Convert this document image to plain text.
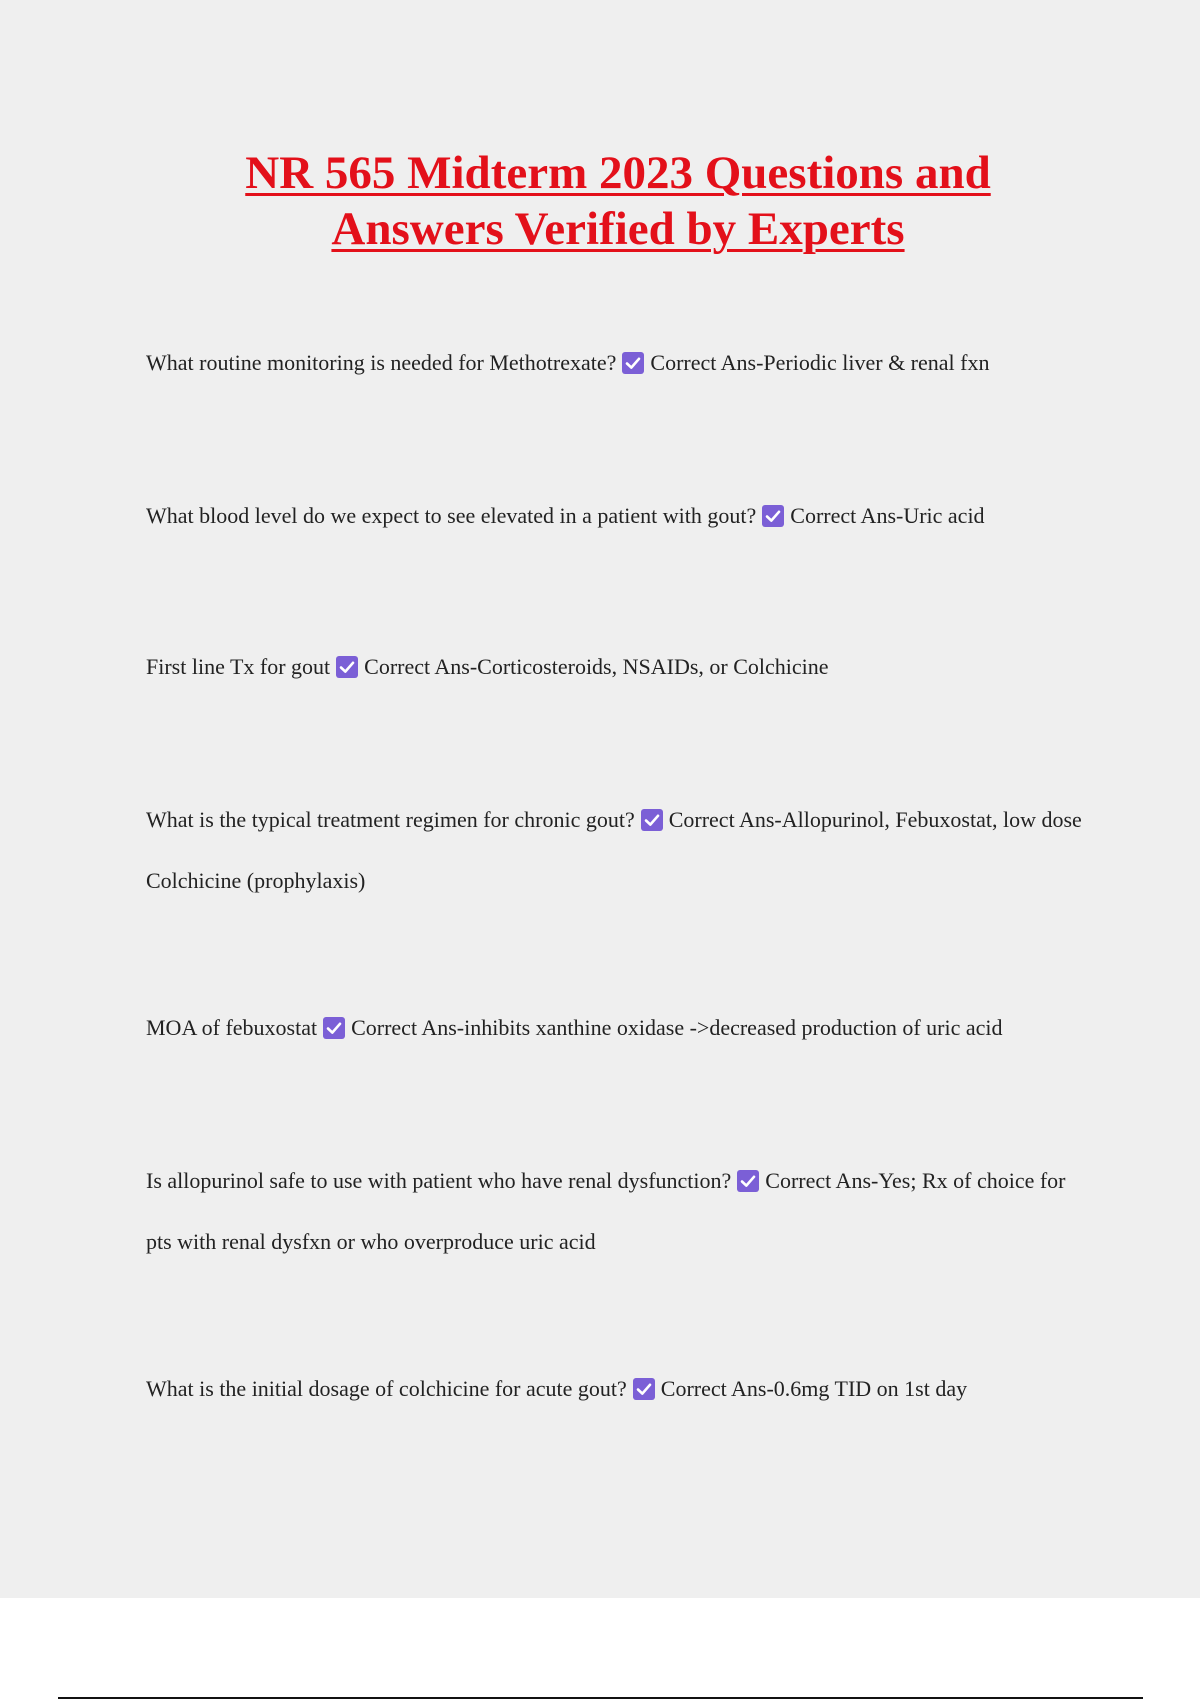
NR 565 Midterm 2023 Questions and
Answers Verified by Experts

What routine monitoring is needed for Methotrexate? Correct Ans-Periodic liver & renal fxn

What blood level do we expect to see elevated in a patient with gout? Correct Ans-Uric acid

First line Tx for gout Correct Ans-Corticosteroids, NSAIDs, or Colchicine

What is the typical treatment regimen for chronic gout? Correct Ans-Allopurinol, Febuxostat, low dose Colchicine (prophylaxis)

MOA of febuxostat Correct Ans-inhibits xanthine oxidase ->decreased production of uric acid

Is allopurinol safe to use with patient who have renal dysfunction? Correct Ans-Yes; Rx of choice for pts with renal dysfxn or who overproduce uric acid

What is the initial dosage of colchicine for acute gout? Correct Ans-0.6mg TID on 1st day
